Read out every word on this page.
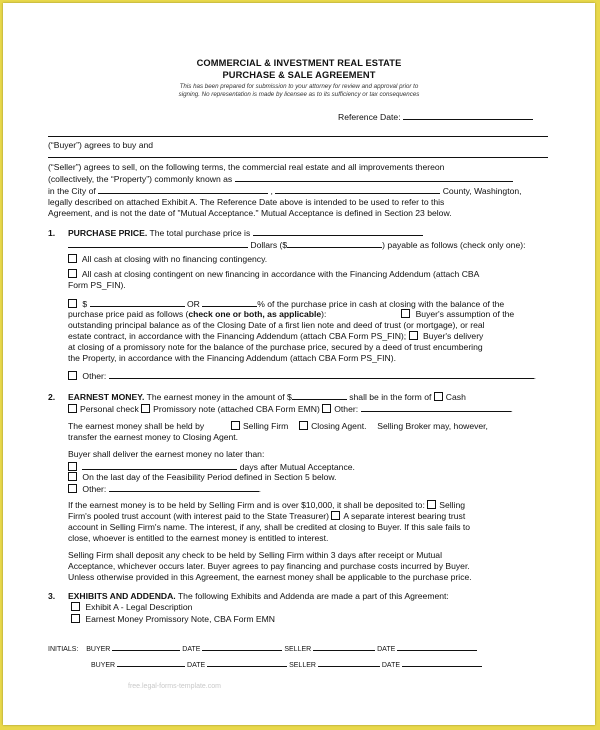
COMMERCIAL & INVESTMENT REAL ESTATE
PURCHASE & SALE AGREEMENT
This has been prepared for submission to your attorney for review and approval prior to
signing. No representation is made by licensee as to its sufficiency or tax consequences
Reference Date:
(“Buyer”) agrees to buy and
(“Seller”) agrees to sell, on the following terms, the commercial real estate and all improvements thereon
(collectively, the “Property”) commonly known as
in the City of	,	County, Washington,
legally described on attached Exhibit A. The Reference Date above is intended to be used to refer to this
Agreement, and is not the date of "Mutual Acceptance." Mutual Acceptance is defined in Section 23 below.
1. PURCHASE PRICE. The total purchase price is
Dollars ($	) payable as follows (check only one):
All cash at closing with no financing contingency.
All cash at closing contingent on new financing in accordance with the Financing Addendum (attach CBA
Form PS_FIN).
$	OR	% of the purchase price in cash at closing with the balance of the
purchase price paid as follows (check one or both, as applicable):	Buyer's assumption of the
outstanding principal balance as of the Closing Date of a first lien note and deed of trust (or mortgage), or real
estate contract, in accordance with the Financing Addendum (attach CBA Form PS_FIN); Buyer's delivery
at closing of a promissory note for the balance of the purchase price, secured by a deed of trust encumbering
the Property, in accordance with the Financing Addendum (attach CBA Form PS_FIN).
Other:	.
2. EARNEST MONEY. The earnest money in the amount of $	shall be in the form of Cash
Personal check Promissory note (attached CBA Form EMN) Other:	.
The earnest money shall be held by	Selling Firm	Closing Agent. Selling Broker may, however,
transfer the earnest money to Closing Agent.
Buyer shall deliver the earnest money no later than:
days after Mutual Acceptance.
On the last day of the Feasibility Period defined in Section 5 below.
Other:	.
If the earnest money is to be held by Selling Firm and is over $10,000, it shall be deposited to: Selling
Firm's pooled trust account (with interest paid to the State Treasurer) A separate interest bearing trust
account in Selling Firm's name. The interest, if any, shall be credited at closing to Buyer. If this sale fails to
close, whoever is entitled to the earnest money is entitled to interest.
Selling Firm shall deposit any check to be held by Selling Firm within 3 days after receipt or Mutual
Acceptance, whichever occurs later. Buyer agrees to pay financing and purchase costs incurred by Buyer.
Unless otherwise provided in this Agreement, the earnest money shall be applicable to the purchase price.
3. EXHIBITS AND ADDENDA. The following Exhibits and Addenda are made a part of this Agreement:
Exhibit A - Legal Description
Earnest Money Promissory Note, CBA Form EMN
INITIALS: BUYER	DATE	SELLER	DATE
BUYER	DATE	SELLER	DATE
free.legal-forms-template.com
